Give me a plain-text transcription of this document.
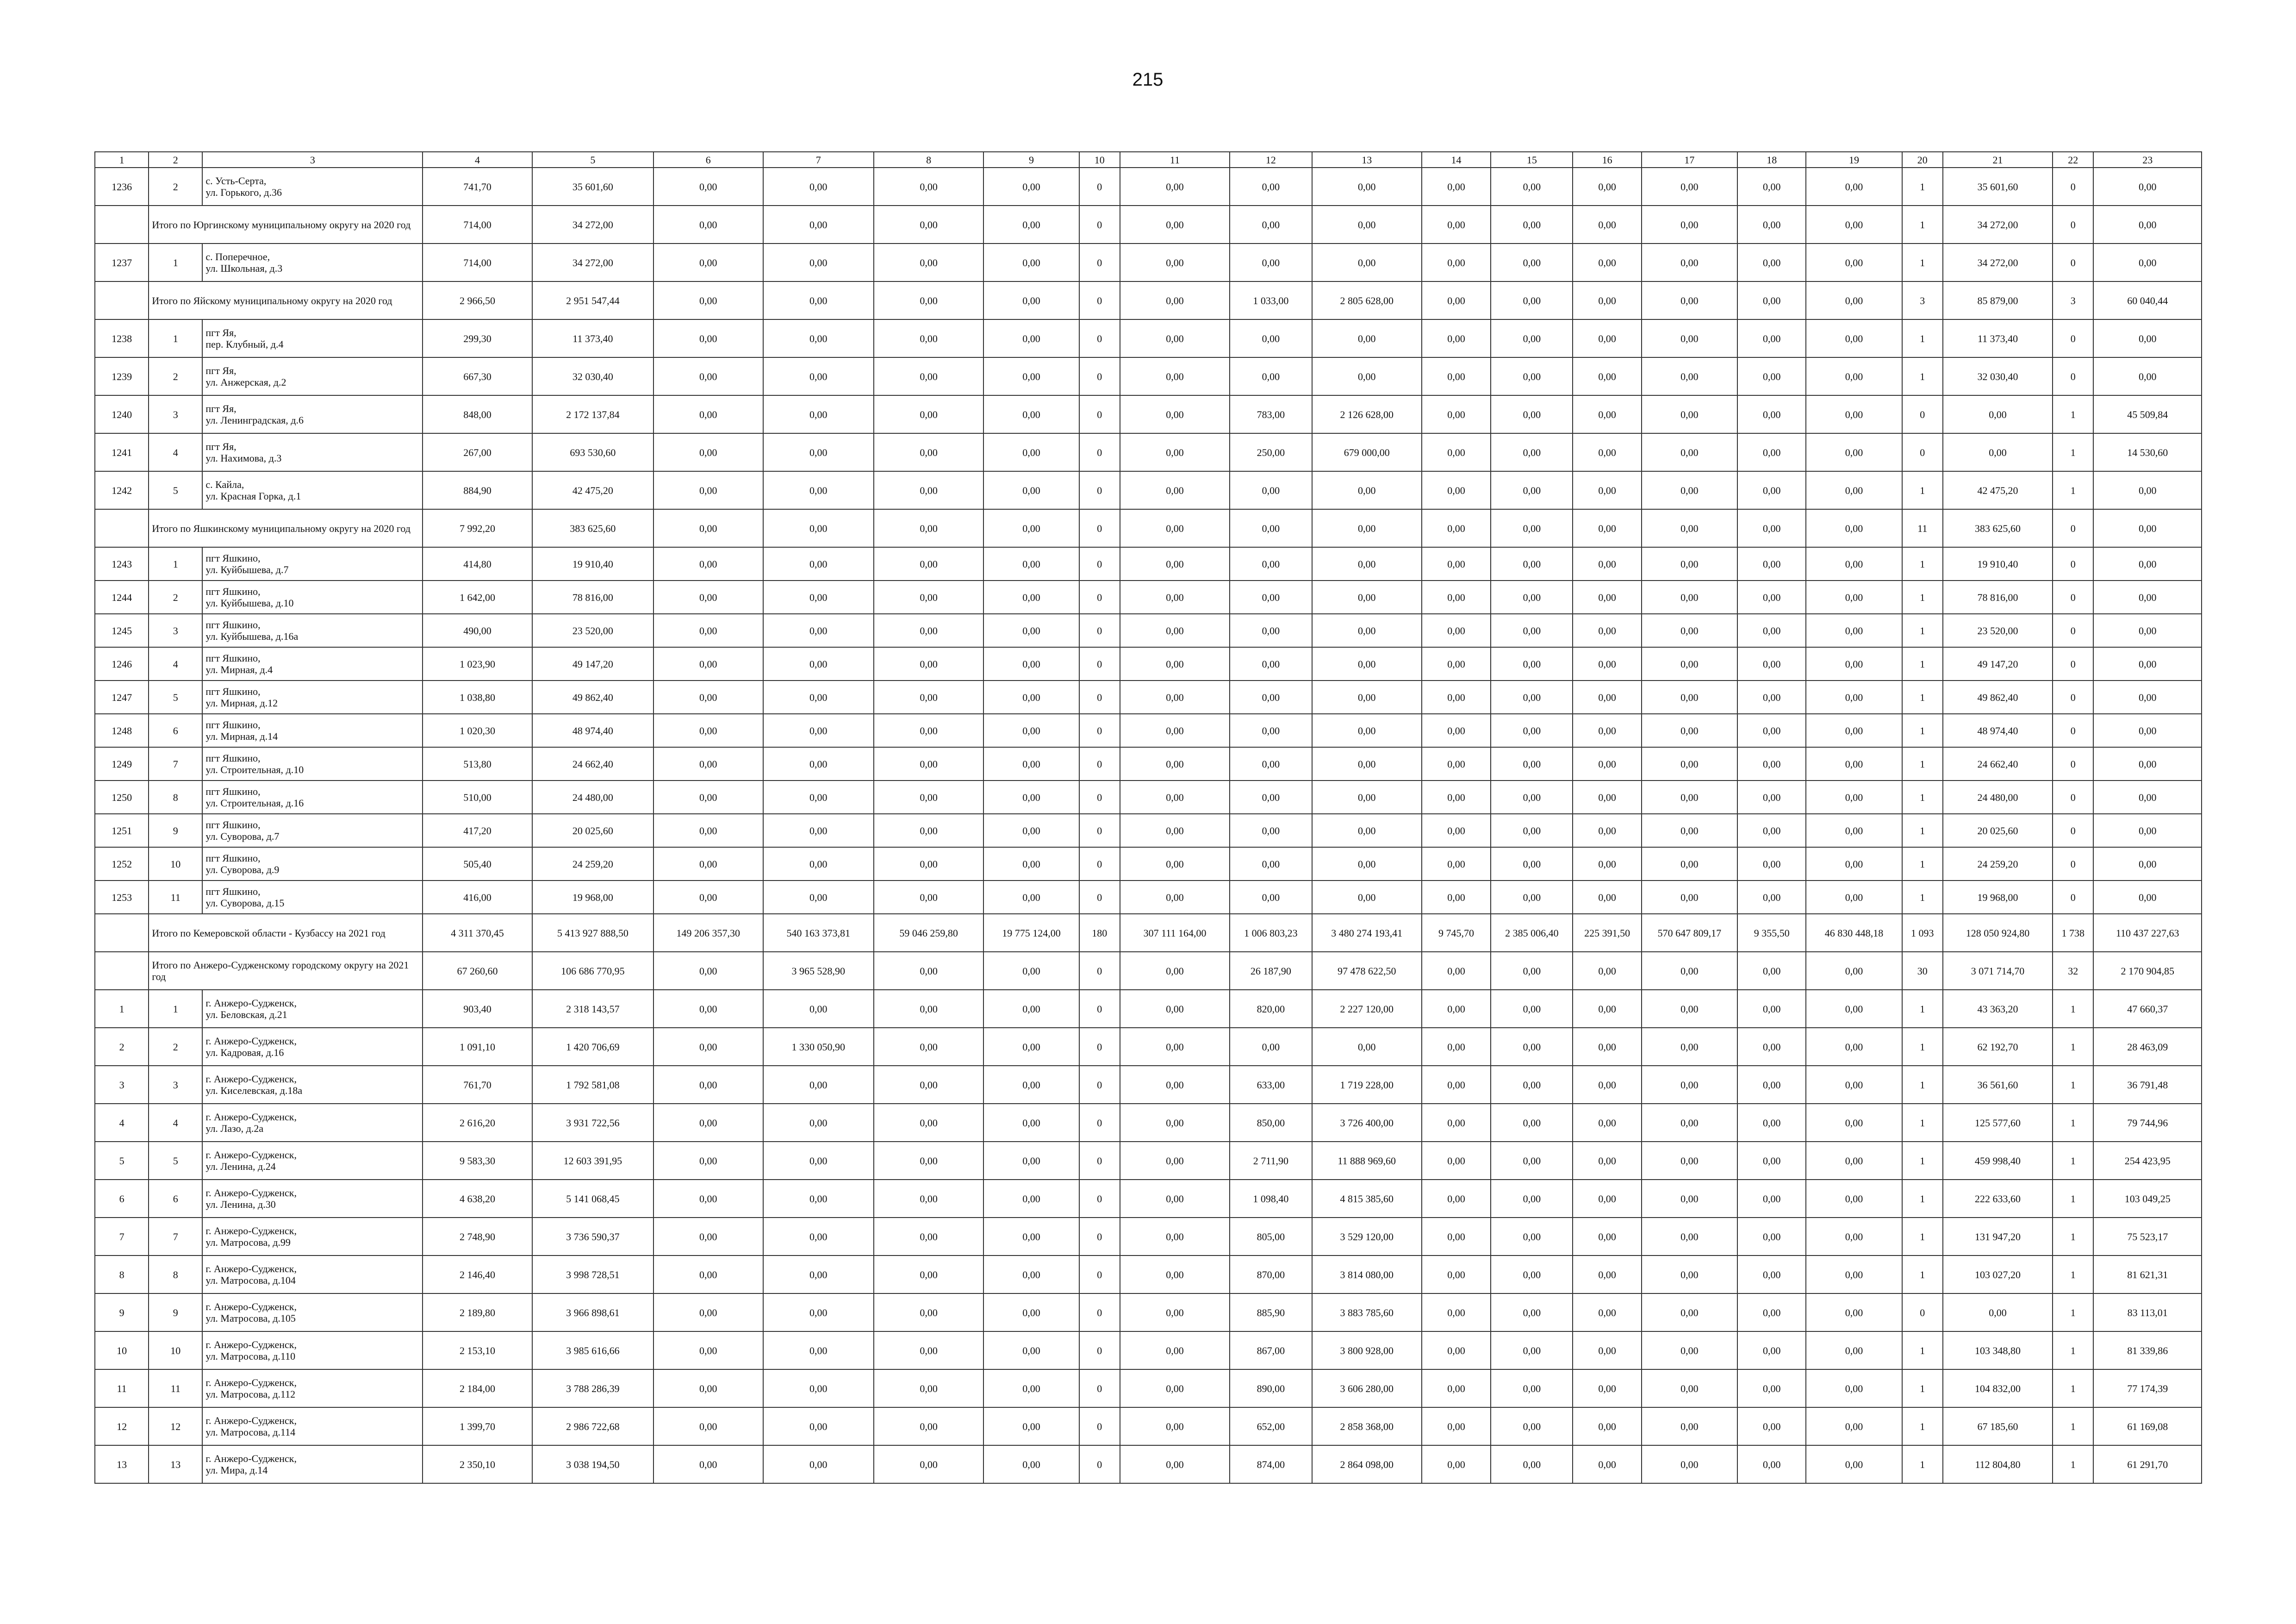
215
1	2	3	4	5	6	7	8	9	10	11	12	13	14	15	16	17	18	19	20	21	22	23
1236	2	с. Усть-Серта,
ул. Горького, д.36	741,70	35 601,60	0,00	0,00	0,00	0,00	0	0,00	0,00	0,00	0,00	0,00	0,00	0,00	0,00	0,00	1	35 601,60	0	0,00
	Итого по Юргинскому муниципальному округу на 2020 год		714,00	34 272,00	0,00	0,00	0,00	0,00	0	0,00	0,00	0,00	0,00	0,00	0,00	0,00	0,00	0,00	1	34 272,00	0	0,00
1237	1	с. Поперечное,
ул. Школьная, д.3	714,00	34 272,00	0,00	0,00	0,00	0,00	0	0,00	0,00	0,00	0,00	0,00	0,00	0,00	0,00	0,00	1	34 272,00	0	0,00
	Итого по Яйскому муниципальному округу на 2020 год		2 966,50	2 951 547,44	0,00	0,00	0,00	0,00	0	0,00	1 033,00	2 805 628,00	0,00	0,00	0,00	0,00	0,00	0,00	3	85 879,00	3	60 040,44
1238	1	пгт Яя,
пер. Клубный, д.4	299,30	11 373,40	0,00	0,00	0,00	0,00	0	0,00	0,00	0,00	0,00	0,00	0,00	0,00	0,00	0,00	1	11 373,40	0	0,00
1239	2	пгт Яя,
ул. Анжерская, д.2	667,30	32 030,40	0,00	0,00	0,00	0,00	0	0,00	0,00	0,00	0,00	0,00	0,00	0,00	0,00	0,00	1	32 030,40	0	0,00
1240	3	пгт Яя,
ул. Ленинградская, д.6	848,00	2 172 137,84	0,00	0,00	0,00	0,00	0	0,00	783,00	2 126 628,00	0,00	0,00	0,00	0,00	0,00	0,00	0	0,00	1	45 509,84
1241	4	пгт Яя,
ул. Нахимова, д.3	267,00	693 530,60	0,00	0,00	0,00	0,00	0	0,00	250,00	679 000,00	0,00	0,00	0,00	0,00	0,00	0,00	0	0,00	1	14 530,60
1242	5	с. Кайла,
ул. Красная Горка, д.1	884,90	42 475,20	0,00	0,00	0,00	0,00	0	0,00	0,00	0,00	0,00	0,00	0,00	0,00	0,00	0,00	1	42 475,20	1	0,00
	Итого по Яшкинскому муниципальному округу на 2020 год		7 992,20	383 625,60	0,00	0,00	0,00	0,00	0	0,00	0,00	0,00	0,00	0,00	0,00	0,00	0,00	0,00	11	383 625,60	0	0,00
1243	1	пгт Яшкино,
ул. Куйбышева, д.7	414,80	19 910,40	0,00	0,00	0,00	0,00	0	0,00	0,00	0,00	0,00	0,00	0,00	0,00	0,00	0,00	1	19 910,40	0	0,00
1244	2	пгт Яшкино,
ул. Куйбышева, д.10	1 642,00	78 816,00	0,00	0,00	0,00	0,00	0	0,00	0,00	0,00	0,00	0,00	0,00	0,00	0,00	0,00	1	78 816,00	0	0,00
1245	3	пгт Яшкино,
ул. Куйбышева, д.16а	490,00	23 520,00	0,00	0,00	0,00	0,00	0	0,00	0,00	0,00	0,00	0,00	0,00	0,00	0,00	0,00	1	23 520,00	0	0,00
1246	4	пгт Яшкино,
ул. Мирная, д.4	1 023,90	49 147,20	0,00	0,00	0,00	0,00	0	0,00	0,00	0,00	0,00	0,00	0,00	0,00	0,00	0,00	1	49 147,20	0	0,00
1247	5	пгт Яшкино,
ул. Мирная, д.12	1 038,80	49 862,40	0,00	0,00	0,00	0,00	0	0,00	0,00	0,00	0,00	0,00	0,00	0,00	0,00	0,00	1	49 862,40	0	0,00
1248	6	пгт Яшкино,
ул. Мирная, д.14	1 020,30	48 974,40	0,00	0,00	0,00	0,00	0	0,00	0,00	0,00	0,00	0,00	0,00	0,00	0,00	0,00	1	48 974,40	0	0,00
1249	7	пгт Яшкино,
ул. Строительная, д.10	513,80	24 662,40	0,00	0,00	0,00	0,00	0	0,00	0,00	0,00	0,00	0,00	0,00	0,00	0,00	0,00	1	24 662,40	0	0,00
1250	8	пгт Яшкино,
ул. Строительная, д.16	510,00	24 480,00	0,00	0,00	0,00	0,00	0	0,00	0,00	0,00	0,00	0,00	0,00	0,00	0,00	0,00	1	24 480,00	0	0,00
1251	9	пгт Яшкино,
ул. Суворова, д.7	417,20	20 025,60	0,00	0,00	0,00	0,00	0	0,00	0,00	0,00	0,00	0,00	0,00	0,00	0,00	0,00	1	20 025,60	0	0,00
1252	10	пгт Яшкино,
ул. Суворова, д.9	505,40	24 259,20	0,00	0,00	0,00	0,00	0	0,00	0,00	0,00	0,00	0,00	0,00	0,00	0,00	0,00	1	24 259,20	0	0,00
1253	11	пгт Яшкино,
ул. Суворова, д.15	416,00	19 968,00	0,00	0,00	0,00	0,00	0	0,00	0,00	0,00	0,00	0,00	0,00	0,00	0,00	0,00	1	19 968,00	0	0,00
	Итого по Кемеровской области - Кузбассу на 2021 год		4 311 370,45	5 413 927 888,50	149 206 357,30	540 163 373,81	59 046 259,80	19 775 124,00	180	307 111 164,00	1 006 803,23	3 480 274 193,41	9 745,70	2 385 006,40	225 391,50	570 647 809,17	9 355,50	46 830 448,18	1 093	128 050 924,80	1 738	110 437 227,63
	Итого по Анжеро-Судженскому городскому округу на 2021 год		67 260,60	106 686 770,95	0,00	3 965 528,90	0,00	0,00	0	0,00	26 187,90	97 478 622,50	0,00	0,00	0,00	0,00	0,00	0,00	30	3 071 714,70	32	2 170 904,85
1	1	г. Анжеро-Судженск,
ул. Беловская, д.21	903,40	2 318 143,57	0,00	0,00	0,00	0,00	0	0,00	820,00	2 227 120,00	0,00	0,00	0,00	0,00	0,00	0,00	1	43 363,20	1	47 660,37
2	2	г. Анжеро-Судженск,
ул. Кадровая, д.16	1 091,10	1 420 706,69	0,00	1 330 050,90	0,00	0,00	0	0,00	0,00	0,00	0,00	0,00	0,00	0,00	0,00	0,00	1	62 192,70	1	28 463,09
3	3	г. Анжеро-Судженск,
ул. Киселевская, д.18а	761,70	1 792 581,08	0,00	0,00	0,00	0,00	0	0,00	633,00	1 719 228,00	0,00	0,00	0,00	0,00	0,00	0,00	1	36 561,60	1	36 791,48
4	4	г. Анжеро-Судженск,
ул. Лазо, д.2а	2 616,20	3 931 722,56	0,00	0,00	0,00	0,00	0	0,00	850,00	3 726 400,00	0,00	0,00	0,00	0,00	0,00	0,00	1	125 577,60	1	79 744,96
5	5	г. Анжеро-Судженск,
ул. Ленина, д.24	9 583,30	12 603 391,95	0,00	0,00	0,00	0,00	0	0,00	2 711,90	11 888 969,60	0,00	0,00	0,00	0,00	0,00	0,00	1	459 998,40	1	254 423,95
6	6	г. Анжеро-Судженск,
ул. Ленина, д.30	4 638,20	5 141 068,45	0,00	0,00	0,00	0,00	0	0,00	1 098,40	4 815 385,60	0,00	0,00	0,00	0,00	0,00	0,00	1	222 633,60	1	103 049,25
7	7	г. Анжеро-Судженск,
ул. Матросова, д.99	2 748,90	3 736 590,37	0,00	0,00	0,00	0,00	0	0,00	805,00	3 529 120,00	0,00	0,00	0,00	0,00	0,00	0,00	1	131 947,20	1	75 523,17
8	8	г. Анжеро-Судженск,
ул. Матросова, д.104	2 146,40	3 998 728,51	0,00	0,00	0,00	0,00	0	0,00	870,00	3 814 080,00	0,00	0,00	0,00	0,00	0,00	0,00	1	103 027,20	1	81 621,31
9	9	г. Анжеро-Судженск,
ул. Матросова, д.105	2 189,80	3 966 898,61	0,00	0,00	0,00	0,00	0	0,00	885,90	3 883 785,60	0,00	0,00	0,00	0,00	0,00	0,00	0	0,00	1	83 113,01
10	10	г. Анжеро-Судженск,
ул. Матросова, д.110	2 153,10	3 985 616,66	0,00	0,00	0,00	0,00	0	0,00	867,00	3 800 928,00	0,00	0,00	0,00	0,00	0,00	0,00	1	103 348,80	1	81 339,86
11	11	г. Анжеро-Судженск,
ул. Матросова, д.112	2 184,00	3 788 286,39	0,00	0,00	0,00	0,00	0	0,00	890,00	3 606 280,00	0,00	0,00	0,00	0,00	0,00	0,00	1	104 832,00	1	77 174,39
12	12	г. Анжеро-Судженск,
ул. Матросова, д.114	1 399,70	2 986 722,68	0,00	0,00	0,00	0,00	0	0,00	652,00	2 858 368,00	0,00	0,00	0,00	0,00	0,00	0,00	1	67 185,60	1	61 169,08
13	13	г. Анжеро-Судженск,
ул. Мира, д.14	2 350,10	3 038 194,50	0,00	0,00	0,00	0,00	0	0,00	874,00	2 864 098,00	0,00	0,00	0,00	0,00	0,00	0,00	1	112 804,80	1	61 291,70
